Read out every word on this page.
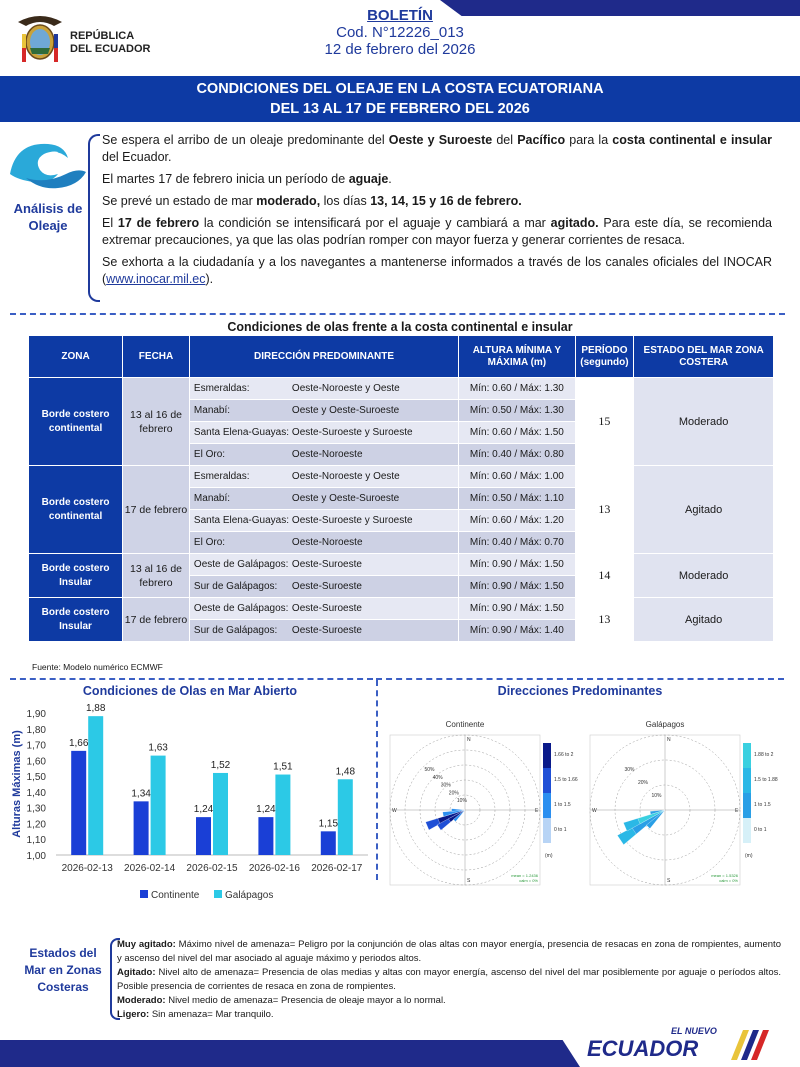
REPÚBLICA
DEL ECUADOR
BOLETÍN
Cod. N°12226_013
12 de febrero del 2026
CONDICIONES DEL OLEAJE EN LA COSTA ECUATORIANA
DEL 13 AL 17 DE FEBRERO DEL 2026
Análisis de Oleaje

Se espera el arribo de un oleaje predominante del Oeste y Suroeste del Pacífico para la costa continental e insular del Ecuador.

El martes 17 de febrero inicia un período de aguaje.

Se prevé un estado de mar moderado, los días 13, 14, 15 y 16 de febrero.

El 17 de febrero la condición se intensificará por el aguaje y cambiará a mar agitado. Para este día, se recomienda extremar precauciones, ya que las olas podrían romper con mayor fuerza y generar corrientes de resaca.

Se exhorta a la ciudadanía y a los navegantes a mantenerse informados a través de los canales oficiales del INOCAR (www.inocar.mil.ec).

Condiciones de olas frente a la costa continental e insular
ZONA	FECHA	DIRECCIÓN PREDOMINANTE	ALTURA MÍNIMA Y MÁXIMA (m)	PERÍODO (segundo)	ESTADO DEL MAR ZONA COSTERA
Borde costero continental	13 al 16 de febrero	Esmeraldas: Oeste-Noroeste y Oeste	Mín: 0.60 / Máx: 1.30	15	Moderado
		Manabí: Oeste y Oeste-Suroeste	Mín: 0.50 / Máx: 1.30		
		Santa Elena-Guayas: Oeste-Suroeste y Suroeste	Mín: 0.60 / Máx: 1.50		
		El Oro: Oeste-Noroeste	Mín: 0.40 / Máx: 0.80		
Borde costero continental	17 de febrero	Esmeraldas: Oeste-Noroeste y Oeste	Mín: 0.60 / Máx: 1.00	13	Agitado
		Manabí: Oeste y Oeste-Suroeste	Mín: 0.50 / Máx: 1.10		
		Santa Elena-Guayas: Oeste-Suroeste y Suroeste	Mín: 0.60 / Máx: 1.20		
		El Oro: Oeste-Noroeste	Mín: 0.40 / Máx: 0.70		
Borde costero Insular	13 al 16 de febrero	Oeste de Galápagos: Oeste-Suroeste	Mín: 0.90 / Máx: 1.50	14	Moderado
		Sur de Galápagos: Oeste-Suroeste	Mín: 0.90 / Máx: 1.50		
Borde costero Insular	17 de febrero	Oeste de Galápagos: Oeste-Suroeste	Mín: 0.90 / Máx: 1.50	13	Agitado
		Sur de Galápagos: Oeste-Suroeste	Mín: 0.90 / Máx: 1.40		
Fuente: Modelo numérico ECMWF
Condiciones de Olas en Mar Abierto	Direcciones Predominantes
1,00
1,10
1,20
1,30
1,40
1,50
1,60
1,70
1,80
1,90
Alturas Máximas (m)	1,66
1,88
2026-02-13
1,34
1,63
2026-02-14
1,24
1,52
2026-02-15
1,24
1,51
2026-02-16
1,15
1,48
2026-02-17
Continente	Galápagos
Continente
10%
20%
30%
40%
50%
N
E
S
W
1.66 to 2
1.5 to 1.66
1 to 1.5
0 to 1
(m)
mean = 1.2436
calm = 0%
Galápagos
10%
20%
30%
N
E
S
W
1.88 to 2
1.5 to 1.88
1 to 1.5
0 to 1
(m)
mean = 1.5326
calm = 0%
Estados del Mar en Zonas Costeras
Muy agitado: Máximo nivel de amenaza= Peligro por la conjunción de olas altas con mayor energía, presencia de resacas en zona de rompientes, aumento y ascenso del nivel del mar asociado al aguaje máximo y periodos altos.
Agitado: Nivel alto de amenaza= Presencia de olas medias y altas con mayor energía, ascenso del nivel del mar posiblemente por aguaje o períodos altos. Posible presencia de corrientes de resaca en zona de rompientes.
Moderado: Nivel medio de amenaza= Presencia de oleaje mayor a lo normal.
Ligero: Sin amenaza= Mar tranquilo.
EL NUEVO
ECUADOR
